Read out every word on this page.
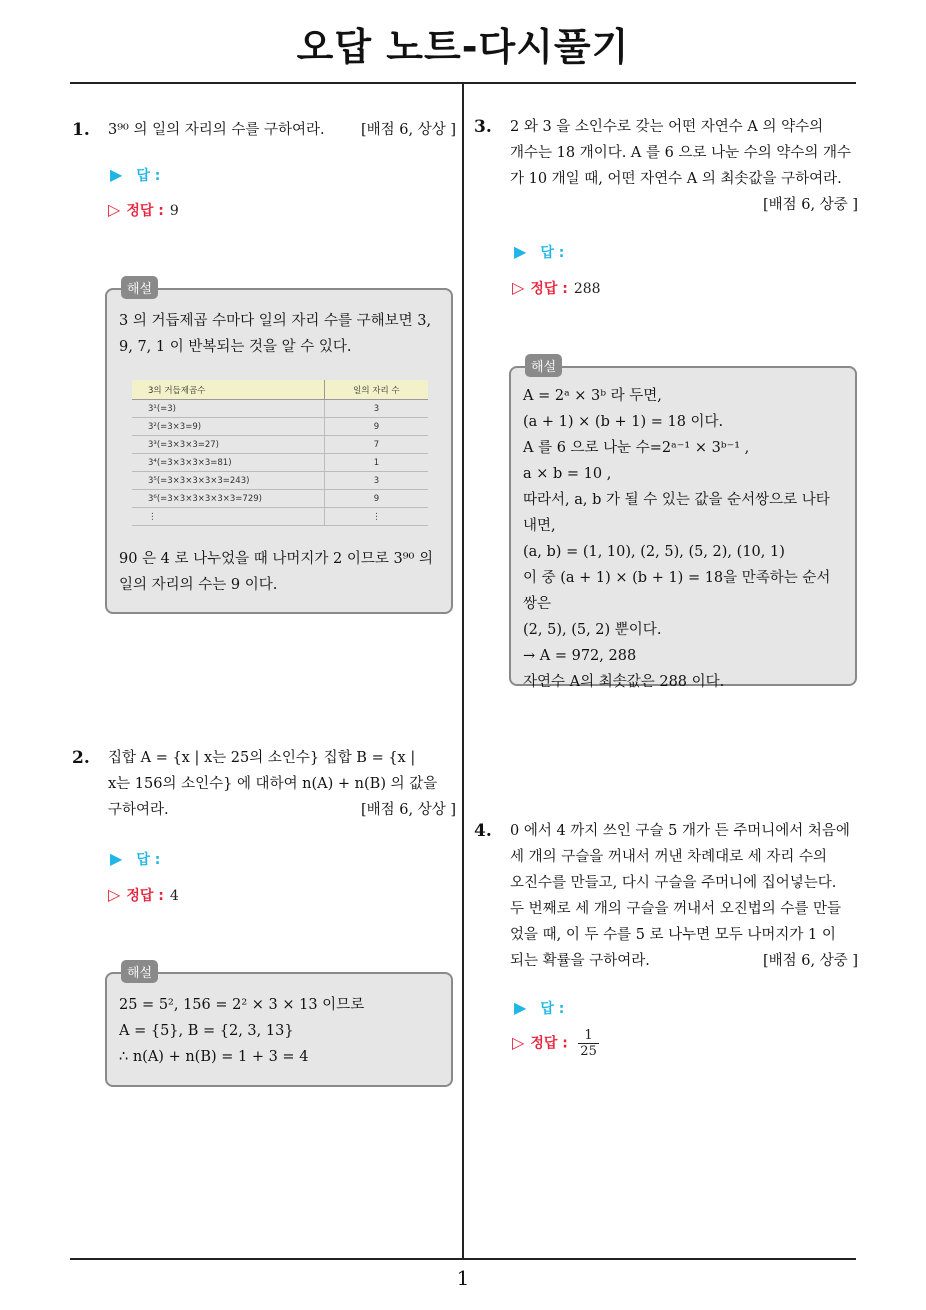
오답 노트-다시풀기
1.	[배점 6, 상상 ]
3⁹⁰ 의 일의 자리의 수를 구하여라.
▶ 답 :
▷ 정답 : 9
해설
3 의 거듭제곱 수마다 일의 자리 수를 구해보면 3,
9, 7, 1 이 반복되는 것을 알 수 있다.
3의 거듭제곱수	일의 자리 수
3¹(=3)	3
3²(=3×3=9)	9
3³(=3×3×3=27)	7
3⁴(=3×3×3×3=81)	1
3⁵(=3×3×3×3×3=243)	3
3⁶(=3×3×3×3×3×3=729)	9
⋮	⋮
90 은 4 로 나누었을 때 나머지가 2 이므로 3⁹⁰ 의
일의 자리의 수는 9 이다.
2. 집합 A = {x | x는 25의 소인수} 집합 B = {x |
x는 156의 소인수} 에 대하여 n(A) + n(B) 의 값을
[배점 6, 상상 ]
구하여라.
▶ 답 :
▷ 정답 : 4
해설
25 = 5², 156 = 2² × 3 × 13 이므로
A = {5}, B = {2, 3, 13}
∴ n(A) + n(B) = 1 + 3 = 4
3. 2 와 3 을 소인수로 갖는 어떤 자연수 A 의 약수의
개수는 18 개이다. A 를 6 으로 나눈 수의 약수의 개수
가 10 개일 때, 어떤 자연수 A 의 최솟값을 구하여라.
[배점 6, 상중 ]
▶ 답 :
▷ 정답 : 288
해설
A = 2ᵃ × 3ᵇ 라 두면,
(a + 1) × (b + 1) = 18 이다.
A 를 6 으로 나눈 수=2ᵃ⁻¹ × 3ᵇ⁻¹ ,
a × b = 10 ,
따라서, a, b 가 될 수 있는 값을 순서쌍으로 나타
내면,
(a, b) = (1, 10), (2, 5), (5, 2), (10, 1)
이 중 (a + 1) × (b + 1) = 18을 만족하는 순서쌍은
(2, 5), (5, 2) 뿐이다.
→ A = 972, 288
자연수 A의 최솟값은 288 이다.
4. 0 에서 4 까지 쓰인 구슬 5 개가 든 주머니에서 처음에
세 개의 구슬을 꺼내서 꺼낸 차례대로 세 자리 수의
오진수를 만들고, 다시 구슬을 주머니에 집어넣는다.
두 번째로 세 개의 구슬을 꺼내서 오진법의 수를 만들
었을 때, 이 두 수를 5 로 나누면 모두 나머지가 1 이
[배점 6, 상중 ]
되는 확률을 구하여라.
▶ 답 :
▷ 정답 : $\frac{1}{25}$
1
